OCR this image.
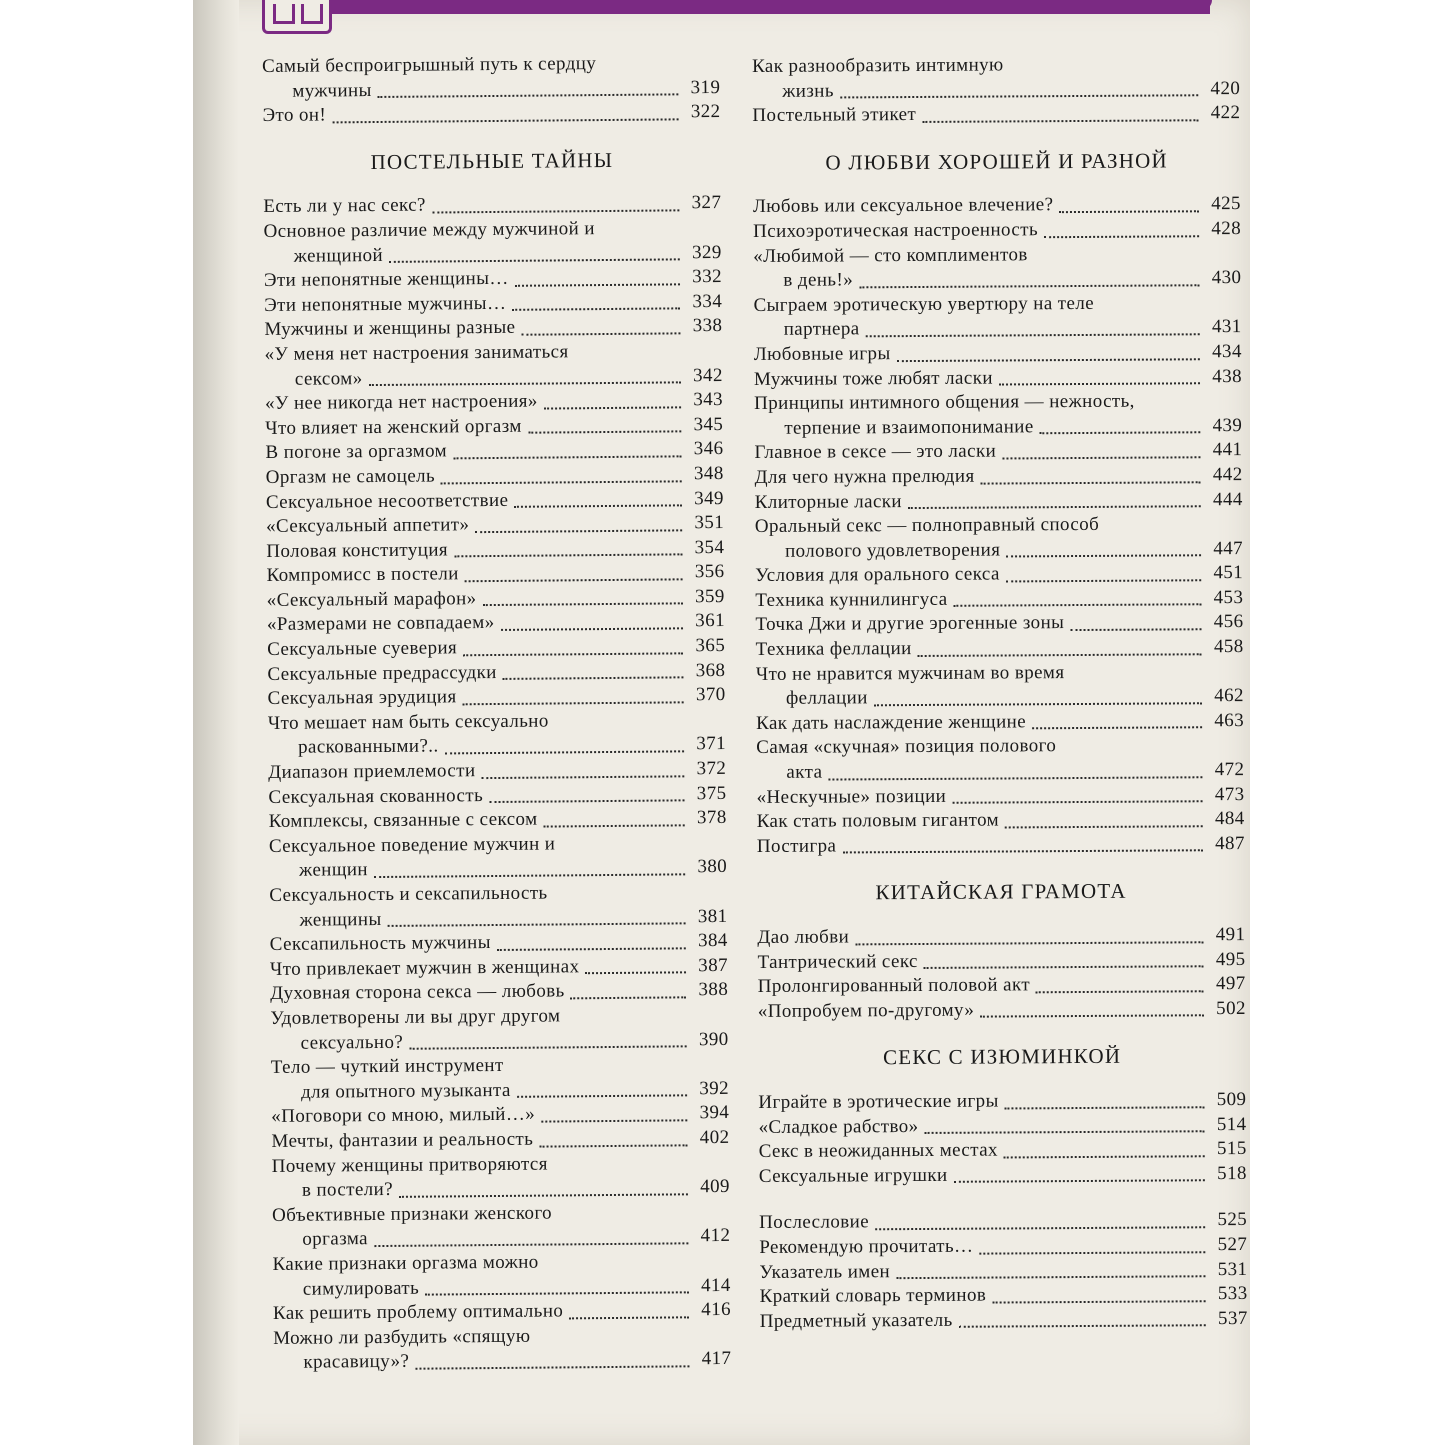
Самый беспроигрышный путь к сердцу
мужчины	319
Это он!	322
ПОСТЕЛЬНЫЕ ТАЙНЫ
Есть ли у нас секс?	327
Основное различие между мужчиной и
женщиной	329
Эти непонятные женщины…	332
Эти непонятные мужчины…	334
Мужчины и женщины разные	338
«У меня нет настроения заниматься
сексом»	342
«У нее никогда нет настроения»	343
Что влияет на женский оргазм	345
В погоне за оргазмом	346
Оргазм не самоцель	348
Сексуальное несоответствие	349
«Сексуальный аппетит»	351
Половая конституция	354
Компромисс в постели	356
«Сексуальный марафон»	359
«Размерами не совпадаем»	361
Сексуальные суеверия	365
Сексуальные предрассудки	368
Сексуальная эрудиция	370
Что мешает нам быть сексуально
раскованными?..	371
Диапазон приемлемости	372
Сексуальная скованность	375
Комплексы, связанные с сексом	378
Сексуальное поведение мужчин и
женщин	380
Сексуальность и сексапильность
женщины	381
Сексапильность мужчины	384
Что привлекает мужчин в женщинах	387
Духовная сторона секса — любовь	388
Удовлетворены ли вы друг другом
сексуально?	390
Тело — чуткий инструмент
для опытного музыканта	392
«Поговори со мною, милый…»	394
Мечты, фантазии и реальность	402
Почему женщины притворяются
в постели?	409
Объективные признаки женского
оргазма	412
Какие признаки оргазма можно
симулировать	414
Как решить проблему оптимально	416
Можно ли разбудить «спящую
красавицу»?	417
Как разнообразить интимную
жизнь	420
Постельный этикет	422
О ЛЮБВИ ХОРОШЕЙ И РАЗНОЙ
Любовь или сексуальное влечение?	425
Психоэротическая настроенность	428
«Любимой — сто комплиментов
в день!»	430
Сыграем эротическую увертюру на теле
партнера	431
Любовные игры	434
Мужчины тоже любят ласки	438
Принципы интимного общения — нежность,
терпение и взаимопонимание	439
Главное в сексе — это ласки	441
Для чего нужна прелюдия	442
Клиторные ласки	444
Оральный секс — полноправный способ
полового удовлетворения	447
Условия для орального секса	451
Техника куннилингуса	453
Точка Джи и другие эрогенные зоны	456
Техника феллации	458
Что не нравится мужчинам во время
феллации	462
Как дать наслаждение женщине	463
Самая «скучная» позиция полового
акта	472
«Нескучные» позиции	473
Как стать половым гигантом	484
Постигра	487
КИТАЙСКАЯ ГРАМОТА
Дао любви	491
Тантрический секс	495
Пролонгированный половой акт	497
«Попробуем по-другому»	502
СЕКС С ИЗЮМИНКОЙ
Играйте в эротические игры	509
«Сладкое рабство»	514
Секс в неожиданных местах	515
Сексуальные игрушки	518
Послесловие	525
Рекомендую прочитать…	527
Указатель имен	531
Краткий словарь терминов	533
Предметный указатель	537
